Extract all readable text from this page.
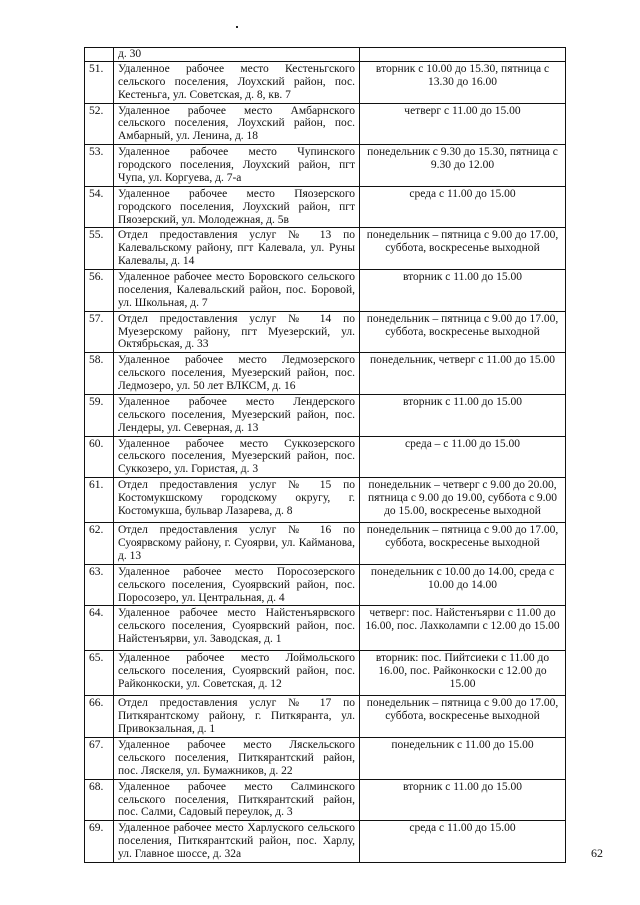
	д. 30	
51.	Удаленное рабочее место Кестеньгского сельского поселения, Лоухский район, пос. Кестеньга, ул. Советская, д. 8, кв. 7	вторник с 10.00 до 15.30, пятница с 13.30 до 16.00
52.	Удаленное рабочее место Амбарнского сельского поселения, Лоухский район, пос. Амбарный, ул. Ленина, д. 18	четверг с 11.00 до 15.00
53.	Удаленное рабочее место Чупинского городского поселения, Лоухский район, пгт Чупа, ул. Коргуева, д. 7-а	понедельник с 9.30 до 15.30, пятница с 9.30 до 12.00
54.	Удаленное рабочее место Пяозерского городского поселения, Лоухский район, пгт Пяозерский, ул. Молодежная, д. 5в	среда с 11.00 до 15.00
55.	Отдел предоставления услуг № 13 по Калевальскому району, пгт Калевала, ул. Руны Калевалы, д. 14	понедельник – пятница с 9.00 до 17.00, суббота, воскресенье выходной
56.	Удаленное рабочее место Боровского сельского поселения, Калевальский район, пос. Боровой, ул. Школьная, д. 7	вторник с 11.00 до 15.00
57.	Отдел предоставления услуг № 14 по Муезерскому району, пгт Муезерский, ул. Октябрьская, д. 33	понедельник – пятница с 9.00 до 17.00, суббота, воскресенье выходной
58.	Удаленное рабочее место Ледмозерского сельского поселения, Муезерский район, пос. Ледмозеро, ул. 50 лет ВЛКСМ, д. 16	понедельник, четверг с 11.00 до 15.00
59.	Удаленное рабочее место Лендерского сельского поселения, Муезерский район, пос. Лендеры, ул. Северная, д. 13	вторник с 11.00 до 15.00
60.	Удаленное рабочее место Суккозерского сельского поселения, Муезерский район, пос. Суккозеро, ул. Гористая, д. 3	среда – с 11.00 до 15.00
61.	Отдел предоставления услуг № 15 по Костомукшскому городскому округу, г. Костомукша, бульвар Лазарева, д. 8	понедельник – четверг с 9.00 до 20.00, пятница с 9.00 до 19.00, суббота с 9.00 до 15.00, воскресенье выходной
62.	Отдел предоставления услуг № 16 по Суоярвскому району, г. Суоярви, ул. Кайманова, д. 13	понедельник – пятница с 9.00 до 17.00, суббота, воскресенье выходной
63.	Удаленное рабочее место Поросозерского сельского поселения, Суоярвский район, пос. Поросозеро, ул. Центральная, д. 4	понедельник с 10.00 до 14.00, среда с 10.00 до 14.00
64.	Удаленное рабочее место Найстенъярвского сельского поселения, Суоярвский район, пос. Найстенъярви, ул. Заводская, д. 1	четверг: пос. Найстенъярви с 11.00 до 16.00, пос. Лахколампи с 12.00 до 15.00
65.	Удаленное рабочее место Лоймольского сельского поселения, Суоярвский район, пос. Райконкоски, ул. Советская, д. 12	вторник: пос. Пийтсиеки с 11.00 до 16.00, пос. Райконкоски с 12.00 до 15.00
66.	Отдел предоставления услуг № 17 по Питкярантскому району, г. Питкяранта, ул. Привокзальная, д. 1	понедельник – пятница с 9.00 до 17.00, суббота, воскресенье выходной
67.	Удаленное рабочее место Ляскельского сельского поселения, Питкярантский район, пос. Ляскеля, ул. Бумажников, д. 22	понедельник с 11.00 до 15.00
68.	Удаленное рабочее место Салминского сельского поселения, Питкярантский район, пос. Салми, Садовый переулок, д. 3	вторник с 11.00 до 15.00
69.	Удаленное рабочее место Харлуского сельского поселения, Питкярантский район, пос. Харлу, ул. Главное шоссе, д. 32а	среда с 11.00 до 15.00
62
